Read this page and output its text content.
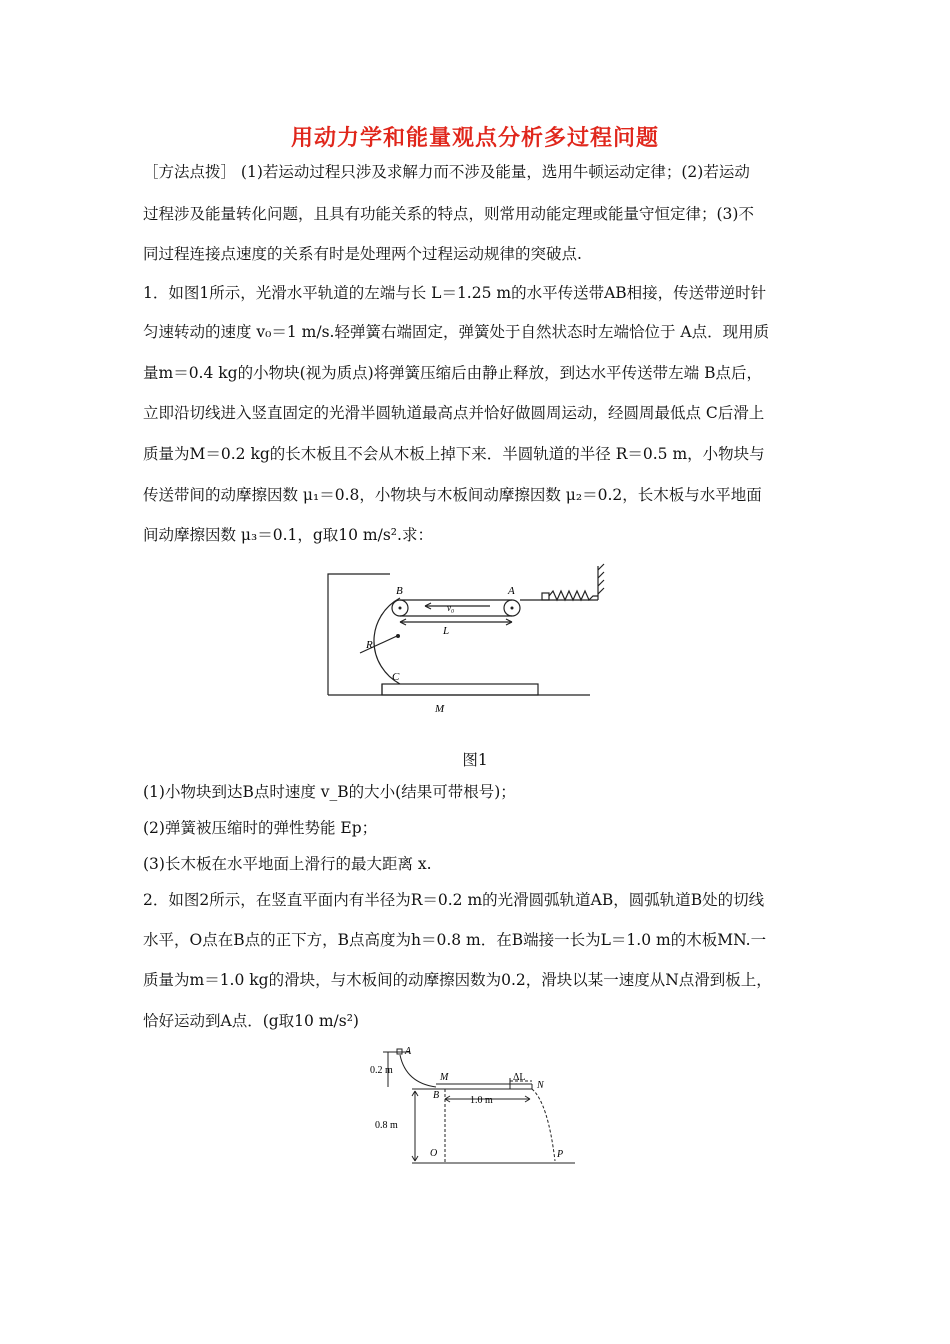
用动力学和能量观点分析多过程问题
［方法点拨］ (1)若运动过程只涉及求解力而不涉及能量，选用牛顿运动定律；(2)若运动
过程涉及能量转化问题，且具有功能关系的特点，则常用动能定理或能量守恒定律；(3)不
同过程连接点速度的关系有时是处理两个过程运动规律的突破点.
1．如图1所示，光滑水平轨道的左端与长 L＝1.25 m的水平传送带AB相接，传送带逆时针
匀速转动的速度 v₀＝1 m/s.轻弹簧右端固定，弹簧处于自然状态时左端恰位于 A点．现用质
量m＝0.4 kg的小物块(视为质点)将弹簧压缩后由静止释放，到达水平传送带左端 B点后，
立即沿切线进入竖直固定的光滑半圆轨道最高点并恰好做圆周运动，经圆周最低点 C后滑上
质量为M＝0.2 kg的长木板且不会从木板上掉下来．半圆轨道的半径 R＝0.5 m，小物块与
传送带间的动摩擦因数 μ₁＝0.8，小物块与木板间动摩擦因数 μ₂＝0.2，长木板与水平地面
间动摩擦因数 μ₃＝0.1，g取10 m/s².求：
B	A
v₀
L
R
C
M
图1
(1)小物块到达B点时速度 v_B的大小(结果可带根号)；
(2)弹簧被压缩时的弹性势能 Ep；
(3)长木板在水平地面上滑行的最大距离 x.
2．如图2所示，在竖直平面内有半径为R＝0.2 m的光滑圆弧轨道AB，圆弧轨道B处的切线
水平，O点在B点的正下方，B点高度为h＝0.8 m．在B端接一长为L＝1.0 m的木板MN.一
质量为m＝1.0 kg的滑块，与木板间的动摩擦因数为0.2，滑块以某一速度从N点滑到板上，
恰好运动到A点．(g取10 m/s²)
A
M	ΔL
N
B
0.2 m
1.0 m
0.8 m
O	P
